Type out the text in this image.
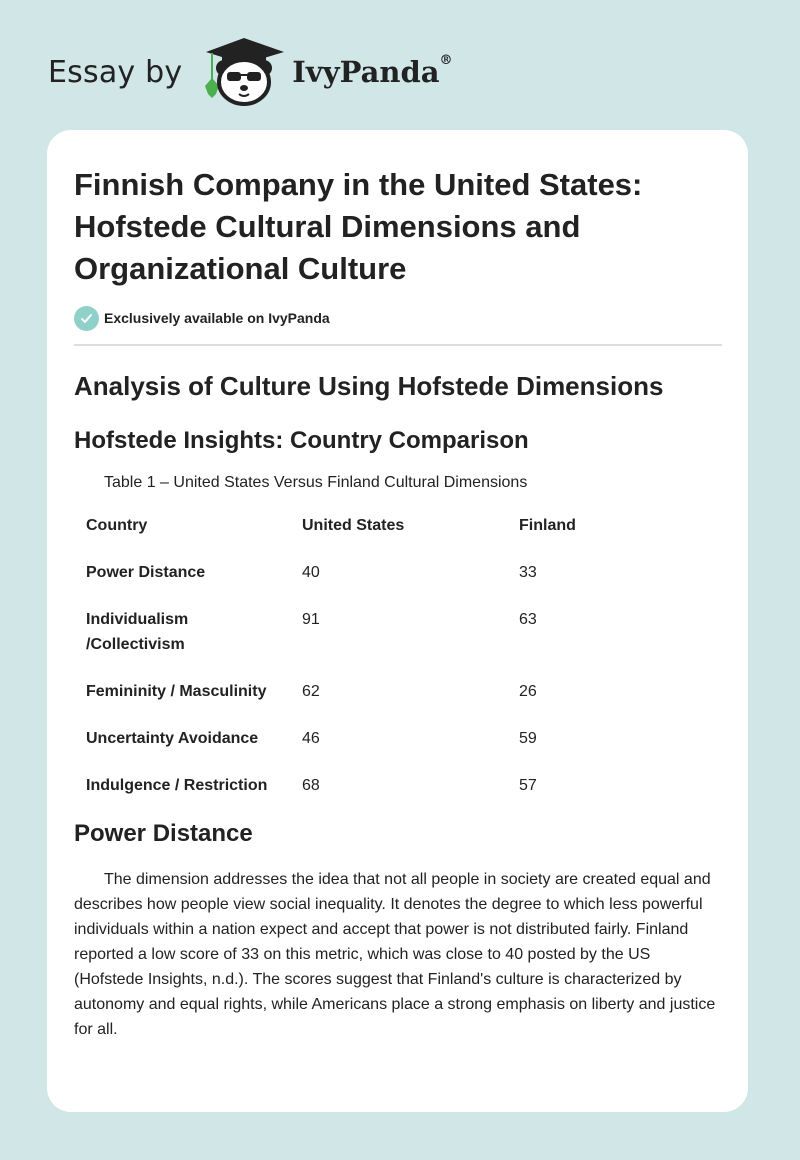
Essay by	IvyPanda®
Finnish Company in the United States: Hofstede Cultural Dimensions and Organizational Culture
Exclusively available on IvyPanda
Analysis of Culture Using Hofstede Dimensions
Hofstede Insights: Country Comparison
Table 1 – United States Versus Finland Cultural Dimensions
Country	United States	Finland
Power Distance	40	33
Individualism /Collectivism	91	63
Femininity / Masculinity	62	26
Uncertainty Avoidance	46	59
Indulgence / Restriction	68	57
Power Distance

The dimension addresses the idea that not all people in society are created equal and describes how people view social inequality. It denotes the degree to which less powerful individuals within a nation expect and accept that power is not distributed fairly. Finland reported a low score of 33 on this metric, which was close to 40 posted by the US (Hofstede Insights, n.d.). The scores suggest that Finland's culture is characterized by autonomy and equal rights, while Americans place a strong emphasis on liberty and justice for all.
